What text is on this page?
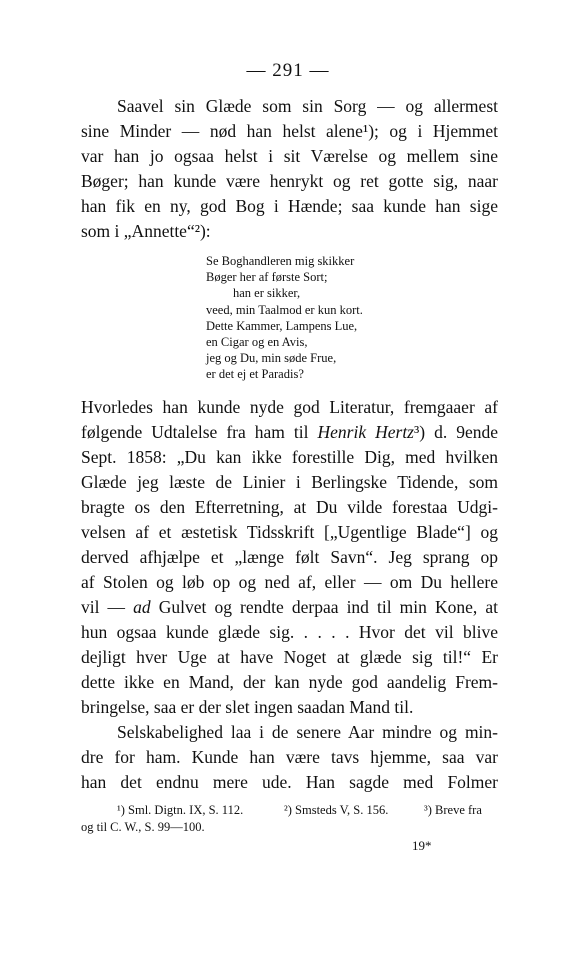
— 291 —
Saavel sin Glæde som sin Sorg — og allermest
sine Minder — nød han helst alene¹); og i Hjemmet
var han jo ogsaa helst i sit Værelse og mellem sine
Bøger; han kunde være henrykt og ret gotte sig, naar
han fik en ny, god Bog i Hænde; saa kunde han sige
som i „Annette“²):
Se Boghandleren mig skikker
Bøger her af første Sort;
han er sikker,
veed, min Taalmod er kun kort.
Dette Kammer, Lampens Lue,
en Cigar og en Avis,
jeg og Du, min søde Frue,
er det ej et Paradis?
Hvorledes han kunde nyde god Literatur, fremgaaer af
følgende Udtalelse fra ham til Henrik Hertz³) d. 9ende
Sept. 1858: „Du kan ikke forestille Dig, med hvilken
Glæde jeg læste de Linier i Berlingske Tidende, som
bragte os den Efterretning, at Du vilde forestaa Udgi-
velsen af et æstetisk Tidsskrift [„Ugentlige Blade“] og
derved afhjælpe et „længe følt Savn“. Jeg sprang op
af Stolen og løb op og ned af, eller — om Du hellere
vil — ad Gulvet og rendte derpaa ind til min Kone, at
hun ogsaa kunde glæde sig. . . . . Hvor det vil blive
dejligt hver Uge at have Noget at glæde sig til!“ Er
dette ikke en Mand, der kan nyde god aandelig Frem-
bringelse, saa er der slet ingen saadan Mand til.
Selskabelighed laa i de senere Aar mindre og min-
dre for ham. Kunde han være tavs hjemme, saa var
han det endnu mere ude. Han sagde med Folmer
¹) Sml. Digtn. IX, S. 112.	²) Smsteds V, S. 156.	³) Breve fra
og til C. W., S. 99—100.
19*
